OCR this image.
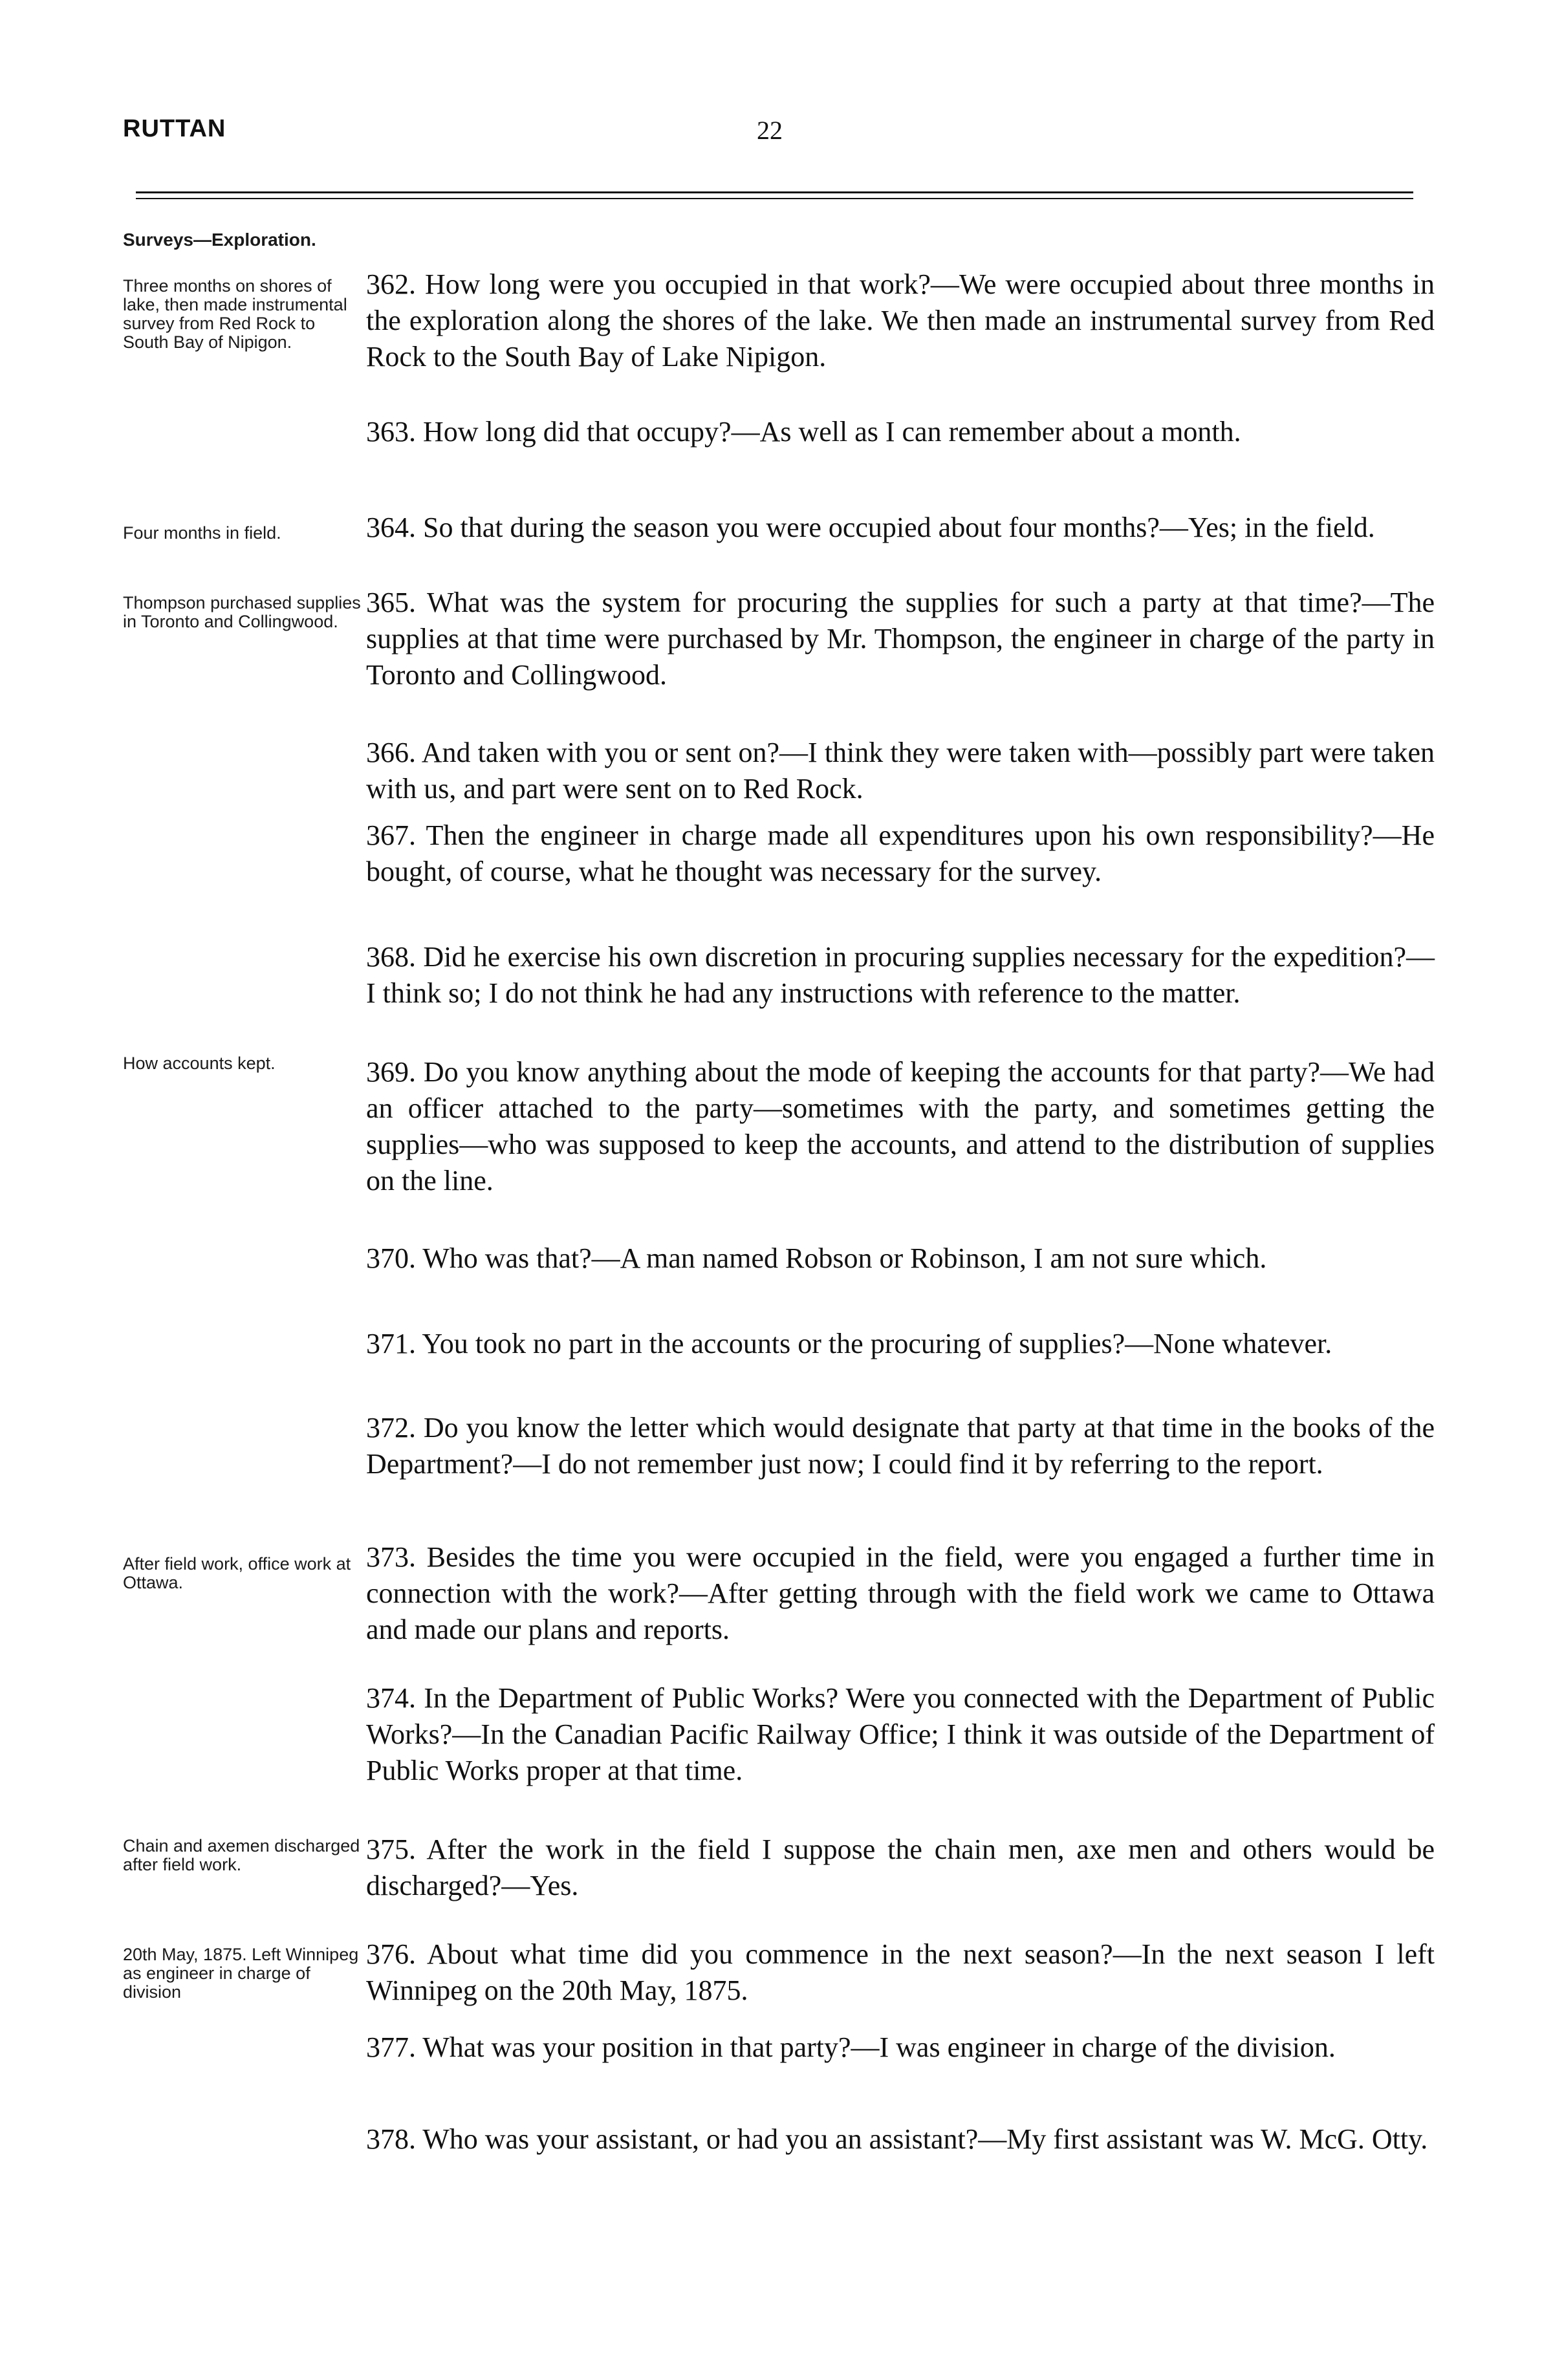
RUTTAN	22
Surveys—Exploration.
Three months on shores of lake, then made instrumental survey from Red Rock to South Bay of Nipigon.
Four months in field.
Thompson purchased supplies in Toronto and Collingwood.
How accounts kept.
After field work, office work at Ottawa.
Chain and axemen discharged after field work.
20th May, 1875. Left Winnipeg as engineer in charge of division
362. How long were you occupied in that work?—We were occupied about three months in the exploration along the shores of the lake. We then made an instrumental survey from Red Rock to the South Bay of Lake Nipigon.
363. How long did that occupy?—As well as I can remember about a month.
364. So that during the season you were occupied about four months?—Yes; in the field.
365. What was the system for procuring the supplies for such a party at that time?—The supplies at that time were purchased by Mr. Thompson, the engineer in charge of the party in Toronto and Collingwood.
366. And taken with you or sent on?—I think they were taken with—possibly part were taken with us, and part were sent on to Red Rock.
367. Then the engineer in charge made all expenditures upon his own responsibility?—He bought, of course, what he thought was necessary for the survey.
368. Did he exercise his own discretion in procuring supplies necessary for the expedition?—I think so; I do not think he had any instructions with reference to the matter.
369. Do you know anything about the mode of keeping the accounts for that party?—We had an officer attached to the party—sometimes with the party, and sometimes getting the supplies—who was supposed to keep the accounts, and attend to the distribution of supplies on the line.
370. Who was that?—A man named Robson or Robinson, I am not sure which.
371. You took no part in the accounts or the procuring of supplies?—None whatever.
372. Do you know the letter which would designate that party at that time in the books of the Department?—I do not remember just now; I could find it by referring to the report.
373. Besides the time you were occupied in the field, were you engaged a further time in connection with the work?—After getting through with the field work we came to Ottawa and made our plans and reports.
374. In the Department of Public Works? Were you connected with the Department of Public Works?—In the Canadian Pacific Railway Office; I think it was outside of the Department of Public Works proper at that time.
375. After the work in the field I suppose the chain men, axe men and others would be discharged?—Yes.
376. About what time did you commence in the next season?—In the next season I left Winnipeg on the 20th May, 1875.
377. What was your position in that party?—I was engineer in charge of the division.
378. Who was your assistant, or had you an assistant?—My first assistant was W. McG. Otty.
